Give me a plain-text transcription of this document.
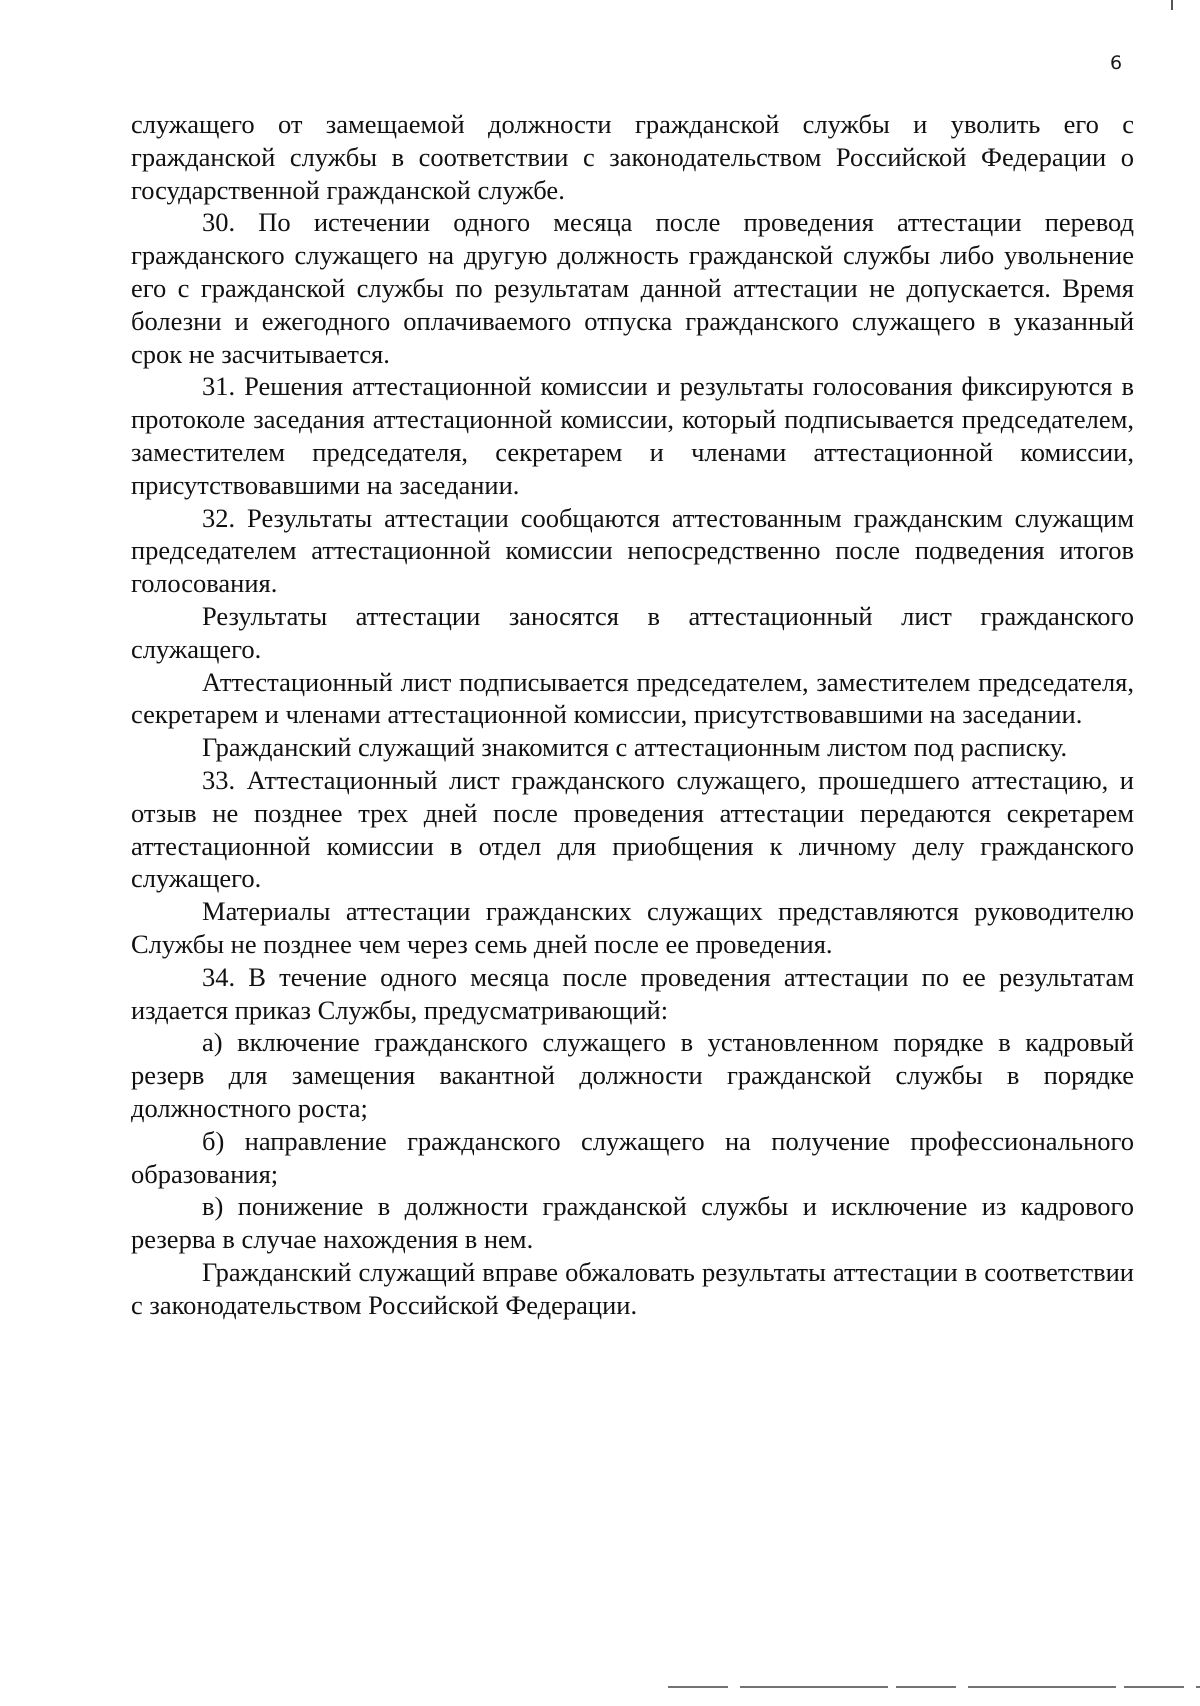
6

служащего от замещаемой должности гражданской службы и уволить его с гражданской службы в соответствии с законодательством Российской Федерации о государственной гражданской службе.

30. По истечении одного месяца после проведения аттестации перевод гражданского служащего на другую должность гражданской службы либо увольнение его с гражданской службы по результатам данной аттестации не допускается. Время болезни и ежегодного оплачиваемого отпуска гражданского служащего в указанный срок не засчитывается.

31. Решения аттестационной комиссии и результаты голосования фиксируются в протоколе заседания аттестационной комиссии, который подписывается председателем, заместителем председателя, секретарем и членами аттестационной комиссии, присутствовавшими на заседании.

32. Результаты аттестации сообщаются аттестованным гражданским служащим председателем аттестационной комиссии непосредственно после подведения итогов голосования.

Результаты аттестации заносятся в аттестационный лист гражданского служащего.

Аттестационный лист подписывается председателем, заместителем председателя, секретарем и членами аттестационной комиссии, присутствовавшими на заседании.

Гражданский служащий знакомится с аттестационным листом под расписку.

33. Аттестационный лист гражданского служащего, прошедшего аттестацию, и отзыв не позднее трех дней после проведения аттестации передаются секретарем аттестационной комиссии в отдел для приобщения к личному делу гражданского служащего.

Материалы аттестации гражданских служащих представляются руководителю Службы не позднее чем через семь дней после ее проведения.

34. В течение одного месяца после проведения аттестации по ее результатам издается приказ Службы, предусматривающий:

а) включение гражданского служащего в установленном порядке в кадровый резерв для замещения вакантной должности гражданской службы в порядке должностного роста;

б) направление гражданского служащего на получение профессионального образования;

в) понижение в должности гражданской службы и исключение из кадрового резерва в случае нахождения в нем.

Гражданский служащий вправе обжаловать результаты аттестации в соответствии с законодательством Российской Федерации.
